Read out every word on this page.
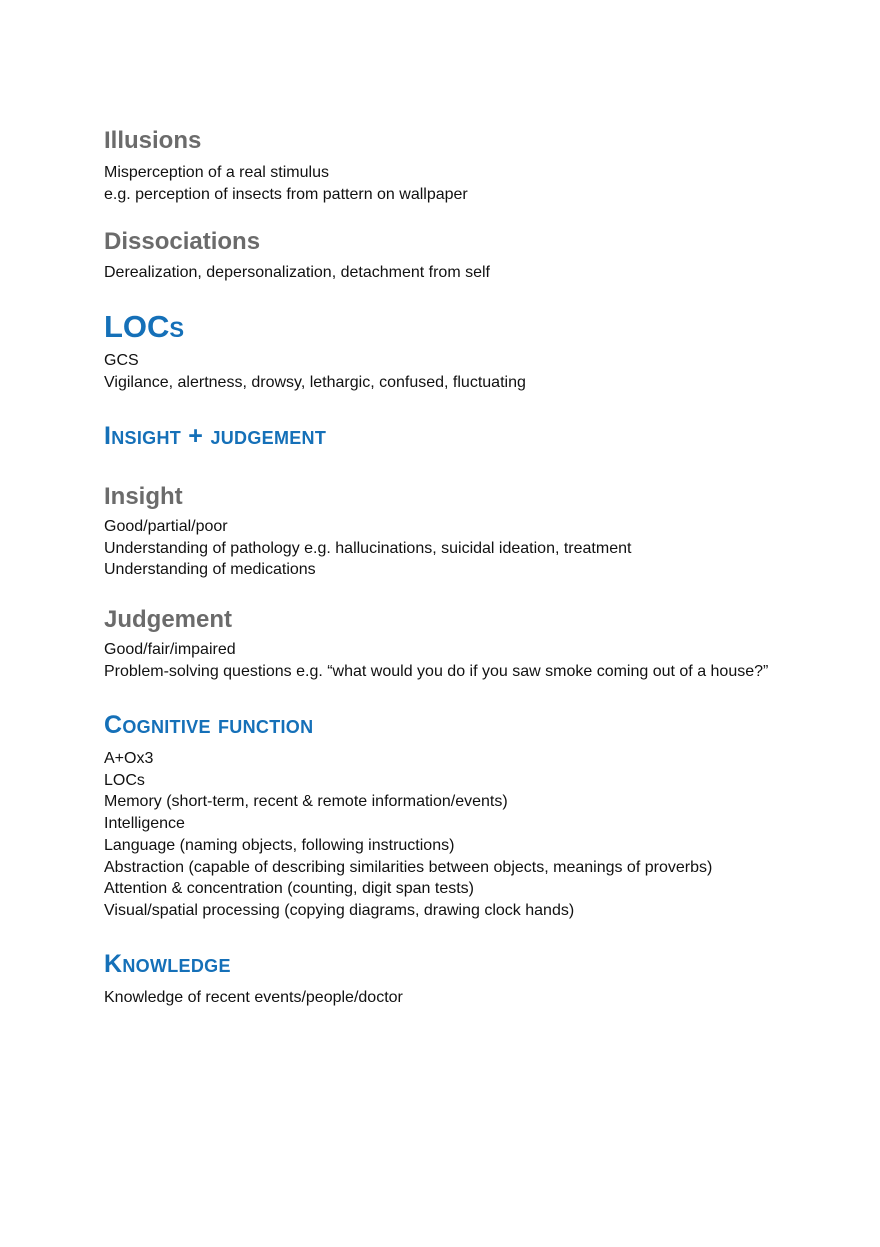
Illusions
Misperception of a real stimulus
e.g. perception of insects from pattern on wallpaper
Dissociations
Derealization, depersonalization, detachment from self
LOCs
GCS
Vigilance, alertness, drowsy, lethargic, confused, fluctuating
Insight + judgement
Insight
Good/partial/poor
Understanding of pathology e.g. hallucinations, suicidal ideation, treatment
Understanding of medications
Judgement
Good/fair/impaired
Problem-solving questions e.g. “what would you do if you saw smoke coming out of a house?”
Cognitive function
A+Ox3
LOCs
Memory (short-term, recent & remote information/events)
Intelligence
Language (naming objects, following instructions)
Abstraction (capable of describing similarities between objects, meanings of proverbs)
Attention & concentration (counting, digit span tests)
Visual/spatial processing (copying diagrams, drawing clock hands)
Knowledge
Knowledge of recent events/people/doctor
